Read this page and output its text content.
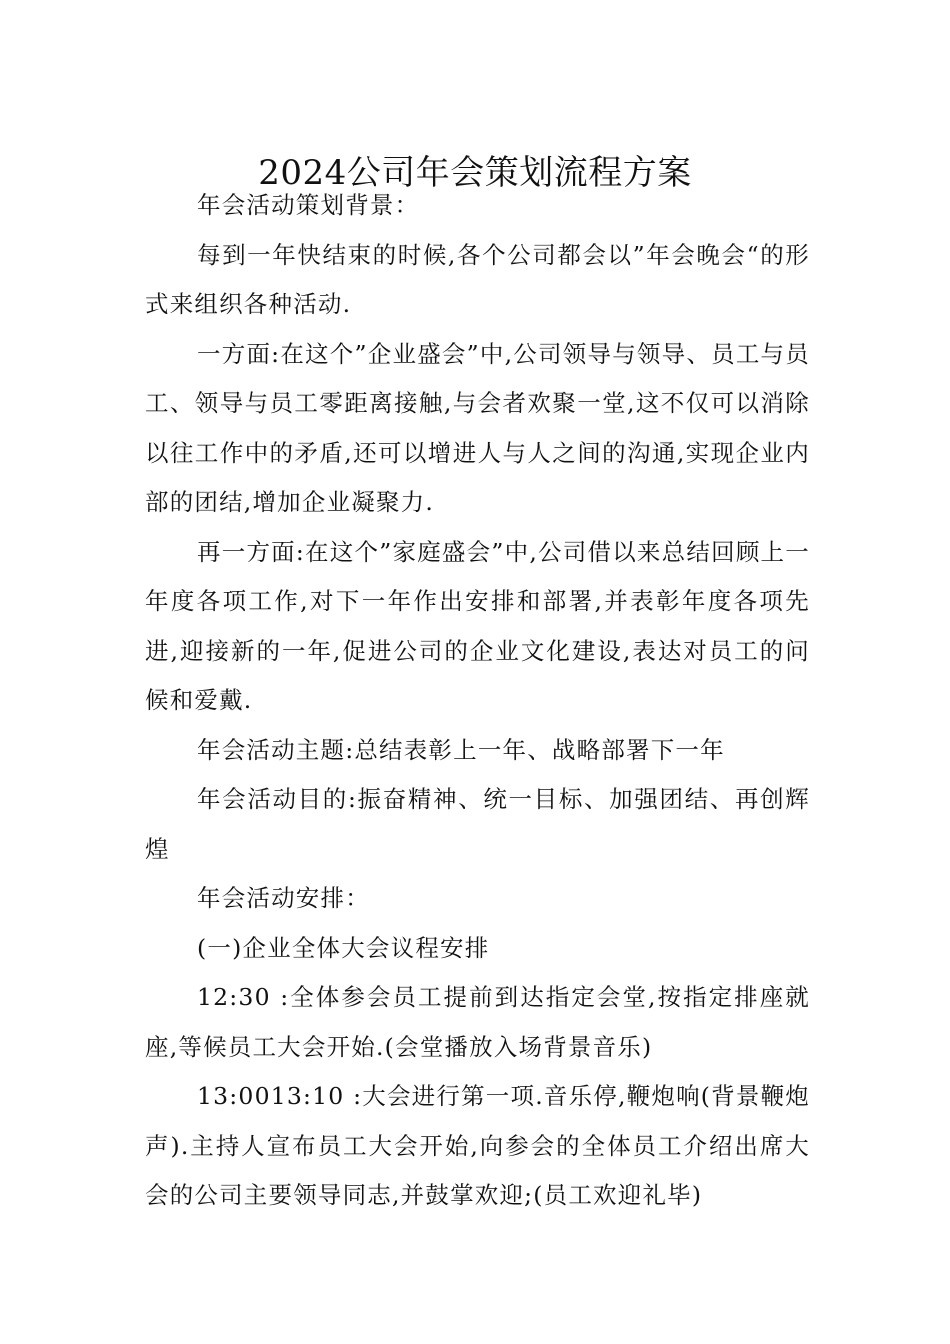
2024公司年会策划流程方案

年会活动策划背景：

每到一年快结束的时候,各个公司都会以”年会晚会“的形式来组织各种活动.

一方面:在这个”企业盛会”中,公司领导与领导、员工与员工、领导与员工零距离接触,与会者欢聚一堂,这不仅可以消除以往工作中的矛盾,还可以增进人与人之间的沟通,实现企业内部的团结,增加企业凝聚力.

再一方面:在这个”家庭盛会”中,公司借以来总结回顾上一年度各项工作,对下一年作出安排和部署,并表彰年度各项先进,迎接新的一年,促进公司的企业文化建设,表达对员工的问候和爱戴.

年会活动主题:总结表彰上一年、战略部署下一年

年会活动目的:振奋精神、统一目标、加强团结、再创辉煌

年会活动安排：

(一)企业全体大会议程安排

12:30 :全体参会员工提前到达指定会堂,按指定排座就座,等候员工大会开始.(会堂播放入场背景音乐)

13:0013:10 :大会进行第一项.音乐停,鞭炮响(背景鞭炮声).主持人宣布员工大会开始,向参会的全体员工介绍出席大会的公司主要领导同志,并鼓掌欢迎;(员工欢迎礼毕)
